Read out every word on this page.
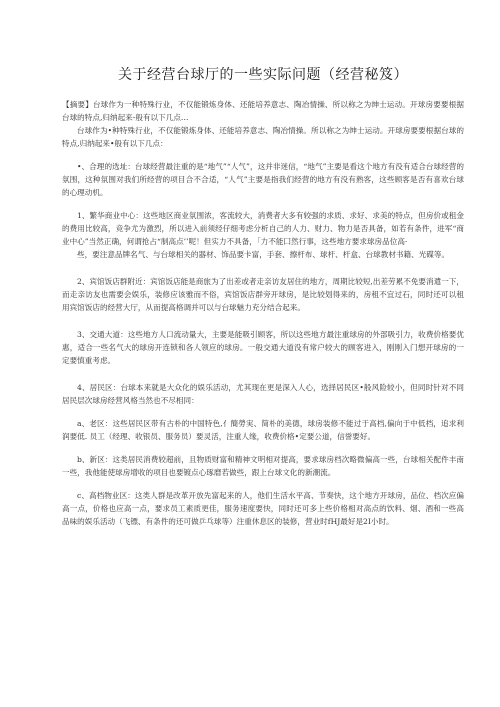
关于经营台球厅的一些实际问题（经营秘笈）

【摘要】台球作为一种特殊行业，不仅能锻炼身体、还能培养意志、陶冶情操、所以称之为绅士运动。开球房要要根据台球的特点,归纳起来-般有以下几点…

台球作为•种特殊行业，不仅能锻炼身体、还能培养意志、陶冶情操。所以称之为绅士运动。开球房要要根据台球的特点,归纳起来•般有以下几点：

•、合理的选址：台球经营最注重的是“地气”“人气”，这并非迷信，“地气”主要是看这个地方有没有适合台球经营的氛围，这种氛围对我们所经营的项目合不合适，“人气”主要是指我们经营的地方有没有熟客，这些顾客是否有喜欢台球的心理动机。

1、繁华商业中心：这些地区商业氛围浓，客流较大，消费者大多有较强的求质、求好、求美的特点，但房价或租金的费用比较高，竞争尤为激烈，所以进入前须经仔细考虑分析自己的人力、财力、物力是否具备，如若有条件，进军“商业中心”当然正确，何谓抢占“制高点’’呢！但实力不具备，「力不能囗然行事，这些地方要求球房品位高·

些，要注意品牌名气、与台球相关的器材、饰品要卡富，手套、擦杆布、球杆、杆盒、台球教材书籍、光碟等。

2、宾馆饭店群附近：宾馆饭店能是商旅为了出差或者走亲访友居住的地方，周期比较短,出差劳累不免要消遣一下，而走亲访友也需要会娱乐，装修应该雅而不俗，宾馆饭店群旁开球房，是比较划得来的，房租不宜过石，同时还可以租用宾馆饭店的经营大厅，从而提高格调并可以与台球魅力充分结合起来。

3、交通大道：这些地方人口流动量大，主要是能吸引顾客，所以这些地方最注重球房的外部吸引力，收费价格要优惠，适合一些名气大的球房开连锁和各人领应的球房。一般交通大道没有常户较大的顾客进入，刚刚入门想开球房的一定要慎重考虑。

4、居民区：台球本来就是大众化的娱乐活动，尤其现在更是深入人心，选择居民区•般风险较小，但同时针对不同居民层次球房经营风格当然也不尽相同：

a、老区：这些居民区带有古朴的中国特色,亻簡勞実、简朴的美德，球房装修不能过于高档,偏向于中低档，追求利润要低. 员工（经理、收银员、服务员）要灵活，注重人缘，收费价格•定要公道，信誉要好。

b、新区：这类居民消费较超前，且物质财富和精神文明相对提高，要求球房档次略微偏高一些，台球相关配件丰南一些，我他能使球房增收的项目也要镀点心琢磨若做些，跟上台球文化的新潮流。

c、高档物业区：这类人群是改革开放先富起来的人，他们生活水平高、节奏快，这个地方开球房，品位、档次应偏高一点，价格也应高一点，要求员工素质更佳，服务速度要快，同时还可多上些价格相对高点的饮料、烟、酒和一些高品味的娱乐活动（飞镖、有条件的还可做乒乓球等）注重休息区的装修，营业时fHJ最好是2I小时。
